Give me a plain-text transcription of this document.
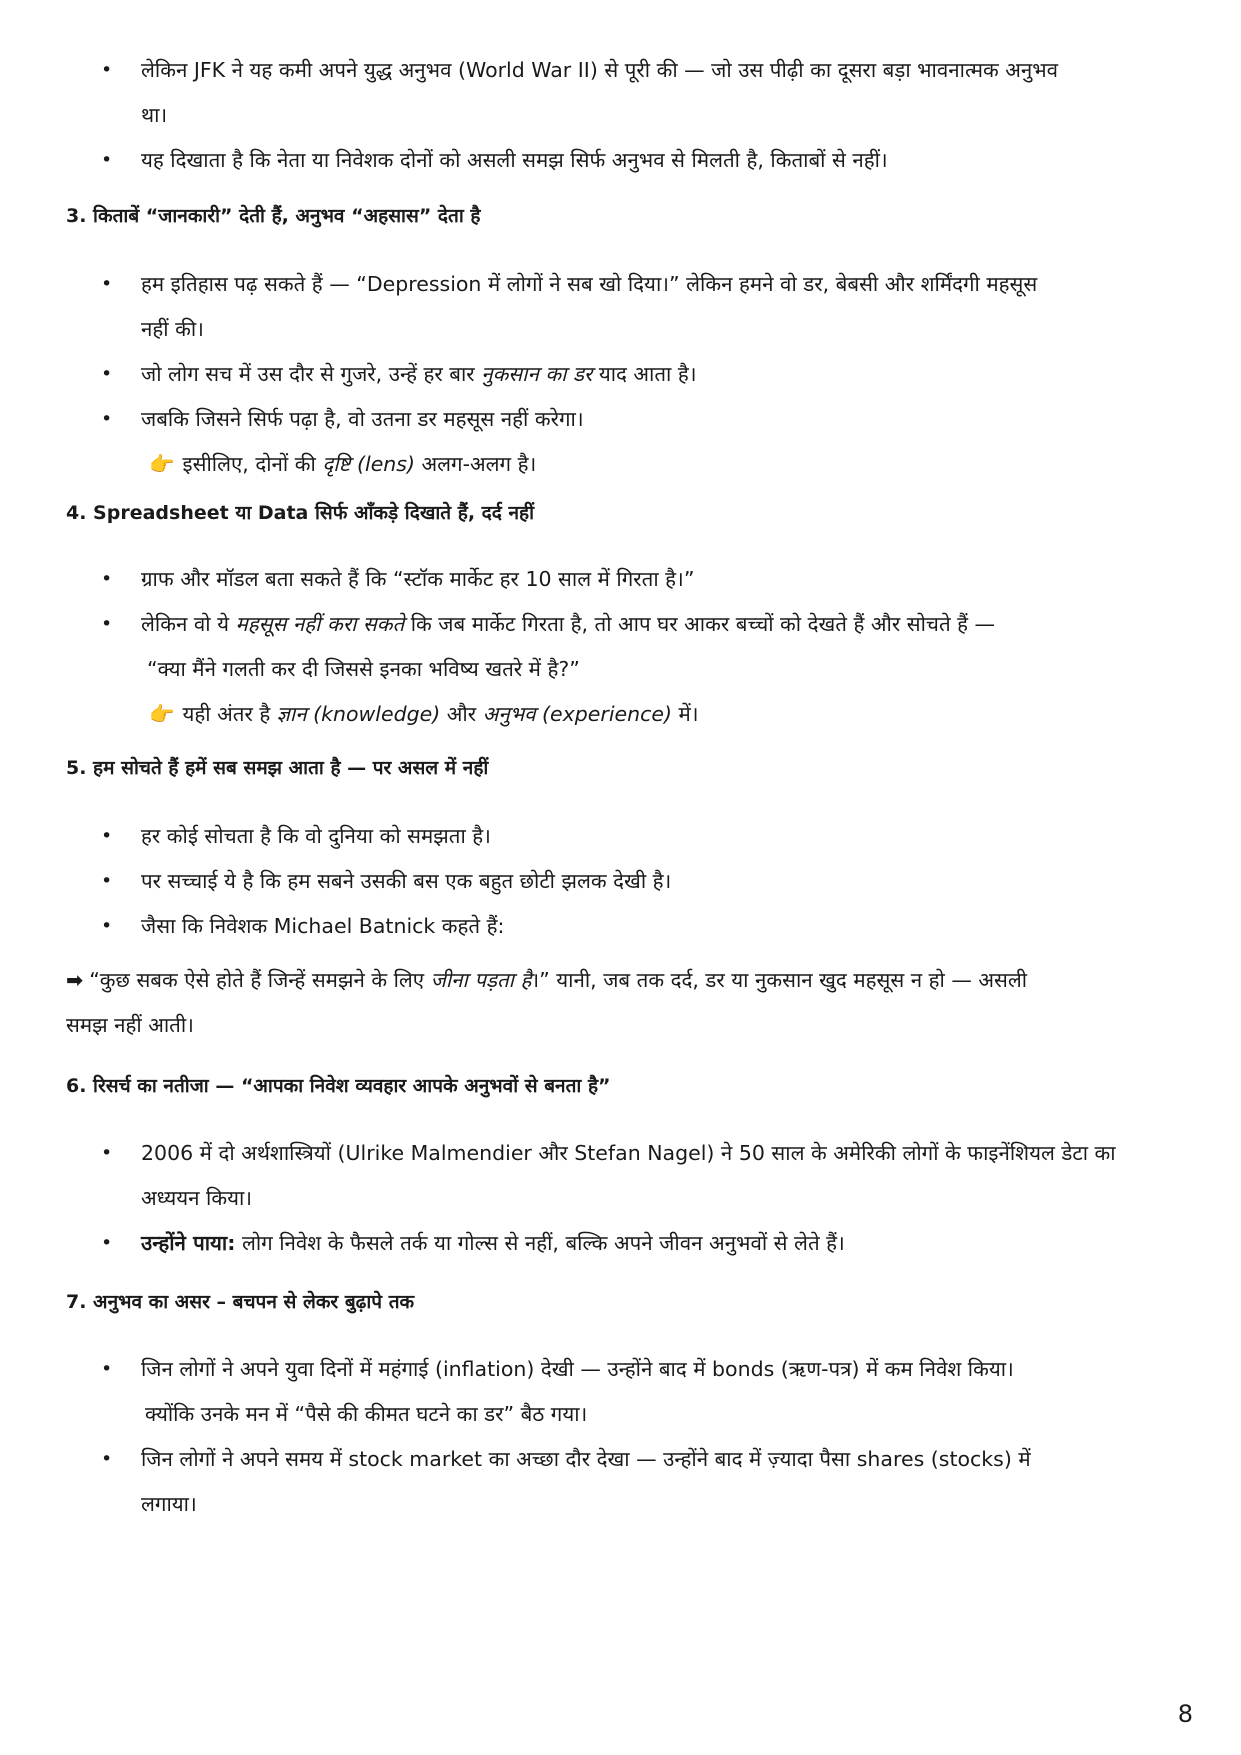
• लेकिन JFK ने यह कमी अपने युद्ध अनुभव (World War II) से पूरी की — जो उस पीढ़ी का दूसरा बड़ा भावनात्मक अनुभव
था।
• यह दिखाता है कि नेता या निवेशक दोनों को असली समझ सिर्फ अनुभव से मिलती है, किताबों से नहीं।
3. किताबें “जानकारी” देती हैं, अनुभव “अहसास” देता है
• हम इतिहास पढ़ सकते हैं — “Depression में लोगों ने सब खो दिया।” लेकिन हमने वो डर, बेबसी और शर्मिंदगी महसूस
नहीं की।
• जो लोग सच में उस दौर से गुजरे, उन्हें हर बार नुकसान का डर याद आता है।
• जबकि जिसने सिर्फ पढ़ा है, वो उतना डर महसूस नहीं करेगा।
👉 इसीलिए, दोनों की दृष्टि (lens) अलग-अलग है।
4. Spreadsheet या Data सिर्फ आँकड़े दिखाते हैं, दर्द नहीं
• ग्राफ और मॉडल बता सकते हैं कि “स्टॉक मार्केट हर 10 साल में गिरता है।”
• लेकिन वो ये महसूस नहीं करा सकते कि जब मार्केट गिरता है, तो आप घर आकर बच्चों को देखते हैं और सोचते हैं —
“क्या मैंने गलती कर दी जिससे इनका भविष्य खतरे में है?”
👉 यही अंतर है ज्ञान (knowledge) और अनुभव (experience) में।
5. हम सोचते हैं हमें सब समझ आता है — पर असल में नहीं
• हर कोई सोचता है कि वो दुनिया को समझता है।
• पर सच्चाई ये है कि हम सबने उसकी बस एक बहुत छोटी झलक देखी है।
• जैसा कि निवेशक Michael Batnick कहते हैं:
➡ “कुछ सबक ऐसे होते हैं जिन्हें समझने के लिए जीना पड़ता है।” यानी, जब तक दर्द, डर या नुकसान खुद महसूस न हो — असली
समझ नहीं आती।
6. रिसर्च का नतीजा — “आपका निवेश व्यवहार आपके अनुभवों से बनता है”
• 2006 में दो अर्थशास्त्रियों (Ulrike Malmendier और Stefan Nagel) ने 50 साल के अमेरिकी लोगों के फाइनेंशियल डेटा का
अध्ययन किया।
• उन्होंने पाया: लोग निवेश के फैसले तर्क या गोल्स से नहीं, बल्कि अपने जीवन अनुभवों से लेते हैं।
7. अनुभव का असर – बचपन से लेकर बुढ़ापे तक
• जिन लोगों ने अपने युवा दिनों में महंगाई (inflation) देखी — उन्होंने बाद में bonds (ऋण-पत्र) में कम निवेश किया।
क्योंकि उनके मन में “पैसे की कीमत घटने का डर” बैठ गया।
• जिन लोगों ने अपने समय में stock market का अच्छा दौर देखा — उन्होंने बाद में ज़्यादा पैसा shares (stocks) में
लगाया।
8
